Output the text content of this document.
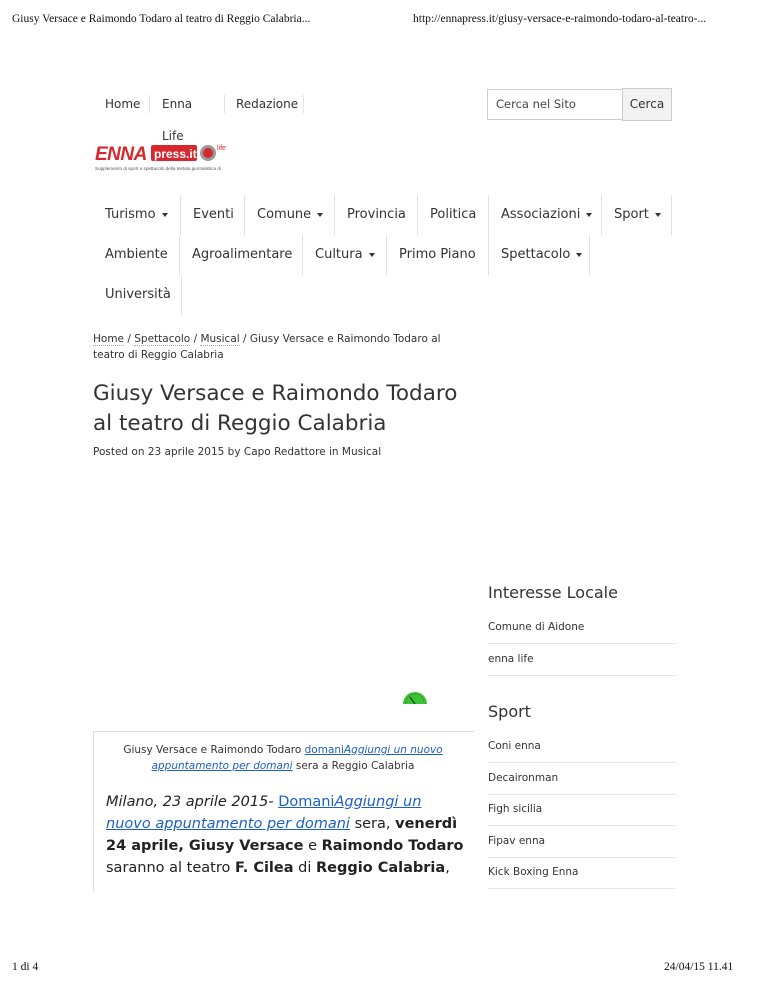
Giusy Versace e Raimondo Todaro al teatro di Reggio Calabria...	http://ennapress.it/giusy-versace-e-raimondo-todaro-al-teatro-...
1 di 4	24/04/15 11.41
Home Enna Life
Redazione	Cerca nel Sito	Cerca
ENNA press.it	life
Supplemento di sport e spettacolo della testata giornalistica di
Turismo	Eventi Comune	Provincia Politica Associazioni	Sport
Ambiente Agroalimentare Cultura	Primo Piano Spettacolo
Università
Home / Spettacolo / Musical / Giusy Versace e Raimondo Todaro al teatro di Reggio Calabria
Giusy Versace e Raimondo Todaro al teatro di Reggio Calabria
Posted on 23 aprile 2015 by Capo Redattore in Musical
Giusy Versace e Raimondo Todaro domaniAggiungi un nuovo appuntamento per domani sera a Reggio Calabria
Milano, 23 aprile 2015- DomaniAggiungi un nuovo appuntamento per domani sera, venerdì 24 aprile, Giusy Versace e Raimondo Todaro saranno al teatro F. Cilea di Reggio Calabria,
Interesse Locale
Comune di Aidone
enna life
Sport
Coni enna
Decaironman
Figh sicilia
Fipav enna
Kick Boxing Enna
